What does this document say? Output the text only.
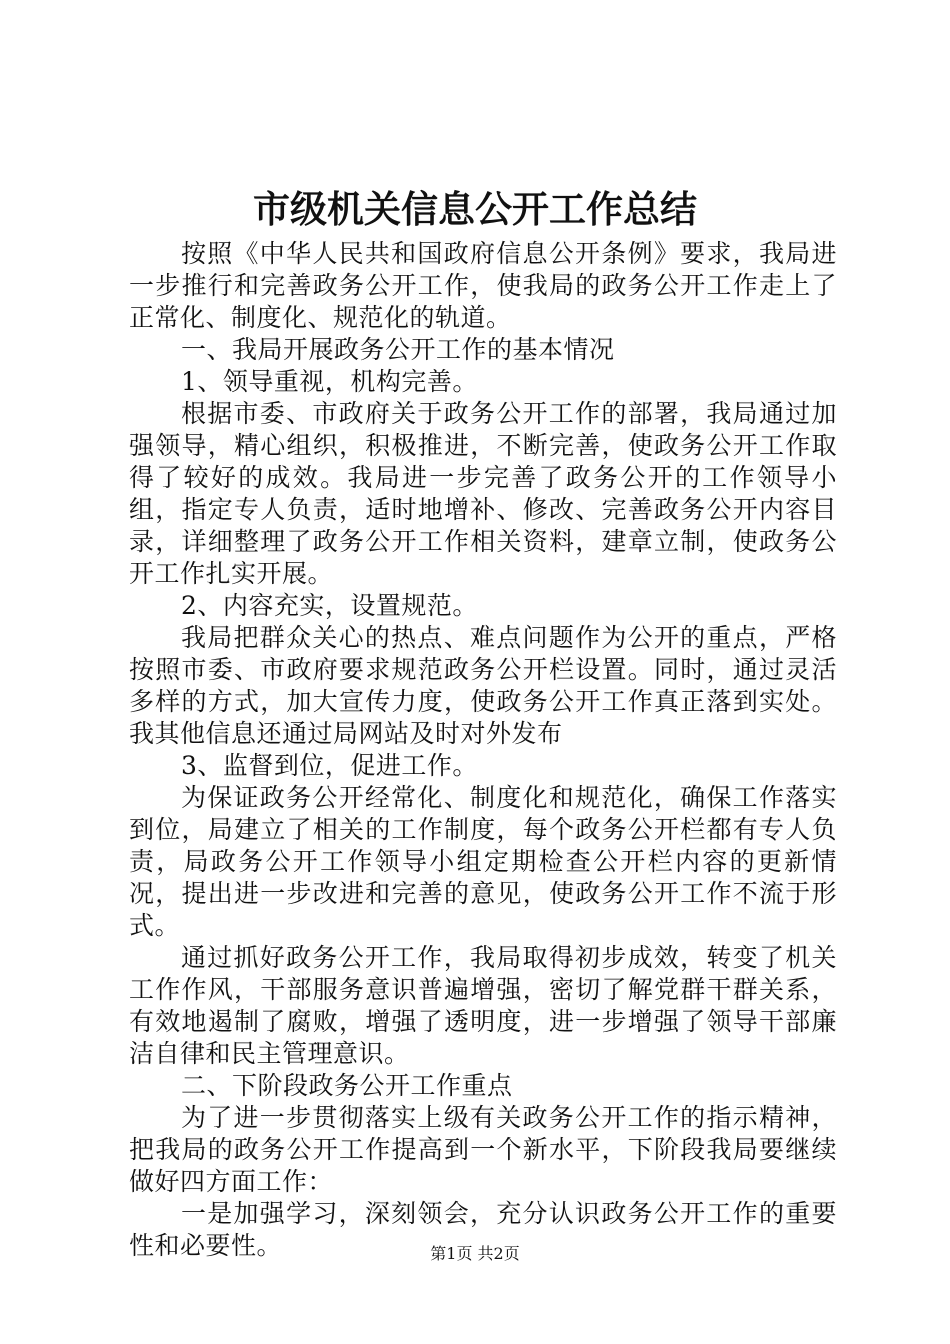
市级机关信息公开工作总结

按照《中华人民共和国政府信息公开条例》要求，我局进一步推行和完善政务公开工作，使我局的政务公开工作走上了正常化、制度化、规范化的轨道。

一、我局开展政务公开工作的基本情况

1、领导重视，机构完善。

根据市委、市政府关于政务公开工作的部署，我局通过加强领导，精心组织，积极推进，不断完善，使政务公开工作取得了较好的成效。我局进一步完善了政务公开的工作领导小组，指定专人负责，适时地增补、修改、完善政务公开内容目录，详细整理了政务公开工作相关资料，建章立制，使政务公开工作扎实开展。

2、内容充实，设置规范。

我局把群众关心的热点、难点问题作为公开的重点，严格按照市委、市政府要求规范政务公开栏设置。同时，通过灵活多样的方式，加大宣传力度，使政务公开工作真正落到实处。我其他信息还通过局网站及时对外发布

3、监督到位，促进工作。

为保证政务公开经常化、制度化和规范化，确保工作落实到位，局建立了相关的工作制度，每个政务公开栏都有专人负责，局政务公开工作领导小组定期检查公开栏内容的更新情况，提出进一步改进和完善的意见，使政务公开工作不流于形式。

通过抓好政务公开工作，我局取得初步成效，转变了机关工作作风，干部服务意识普遍增强，密切了解党群干群关系，有效地遏制了腐败，增强了透明度，进一步增强了领导干部廉洁自律和民主管理意识。

二、下阶段政务公开工作重点

为了进一步贯彻落实上级有关政务公开工作的指示精神，把我局的政务公开工作提高到一个新水平，下阶段我局要继续做好四方面工作：

一是加强学习，深刻领会，充分认识政务公开工作的重要性和必要性。	第1页 共2页
